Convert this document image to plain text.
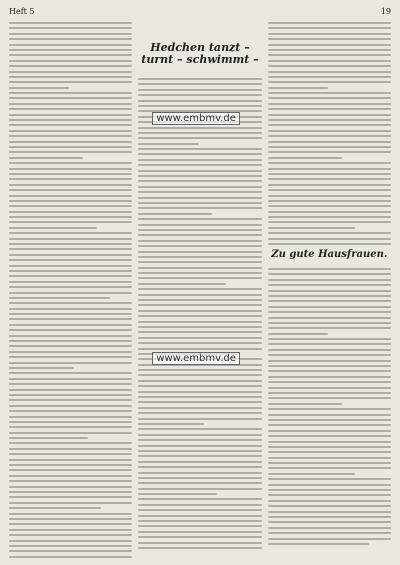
Heft 5	19
Hedchen tanzt – turnt – schwimmt –
www.embmv.de
www.embmv.de
Zu gute Hausfrauen.
